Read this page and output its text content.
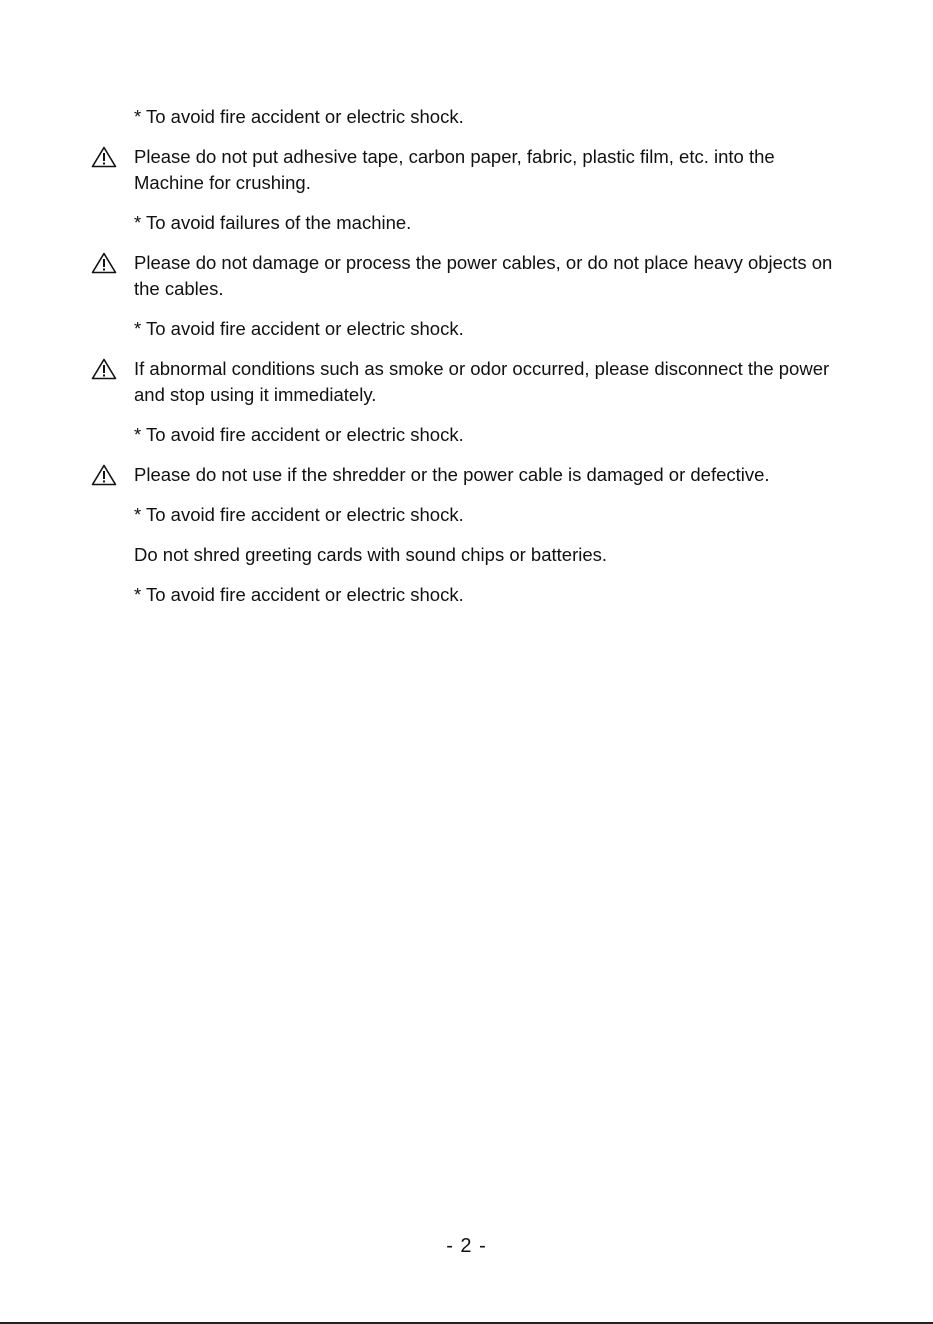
* To avoid fire accident or electric shock.
Please do not put adhesive tape, carbon paper, fabric, plastic film, etc. into the Machine for crushing.
* To avoid failures of the machine.
Please do not damage or process the power cables, or do not place heavy objects on the cables.
* To avoid fire accident or electric shock.
If abnormal conditions such as smoke or odor occurred, please disconnect the power and stop using it immediately.
* To avoid fire accident or electric shock.
Please do not use if the shredder or the power cable is damaged or defective.
* To avoid fire accident or electric shock.
Do not shred greeting cards with sound chips or batteries.
* To avoid fire accident or electric shock.
- 2 -
